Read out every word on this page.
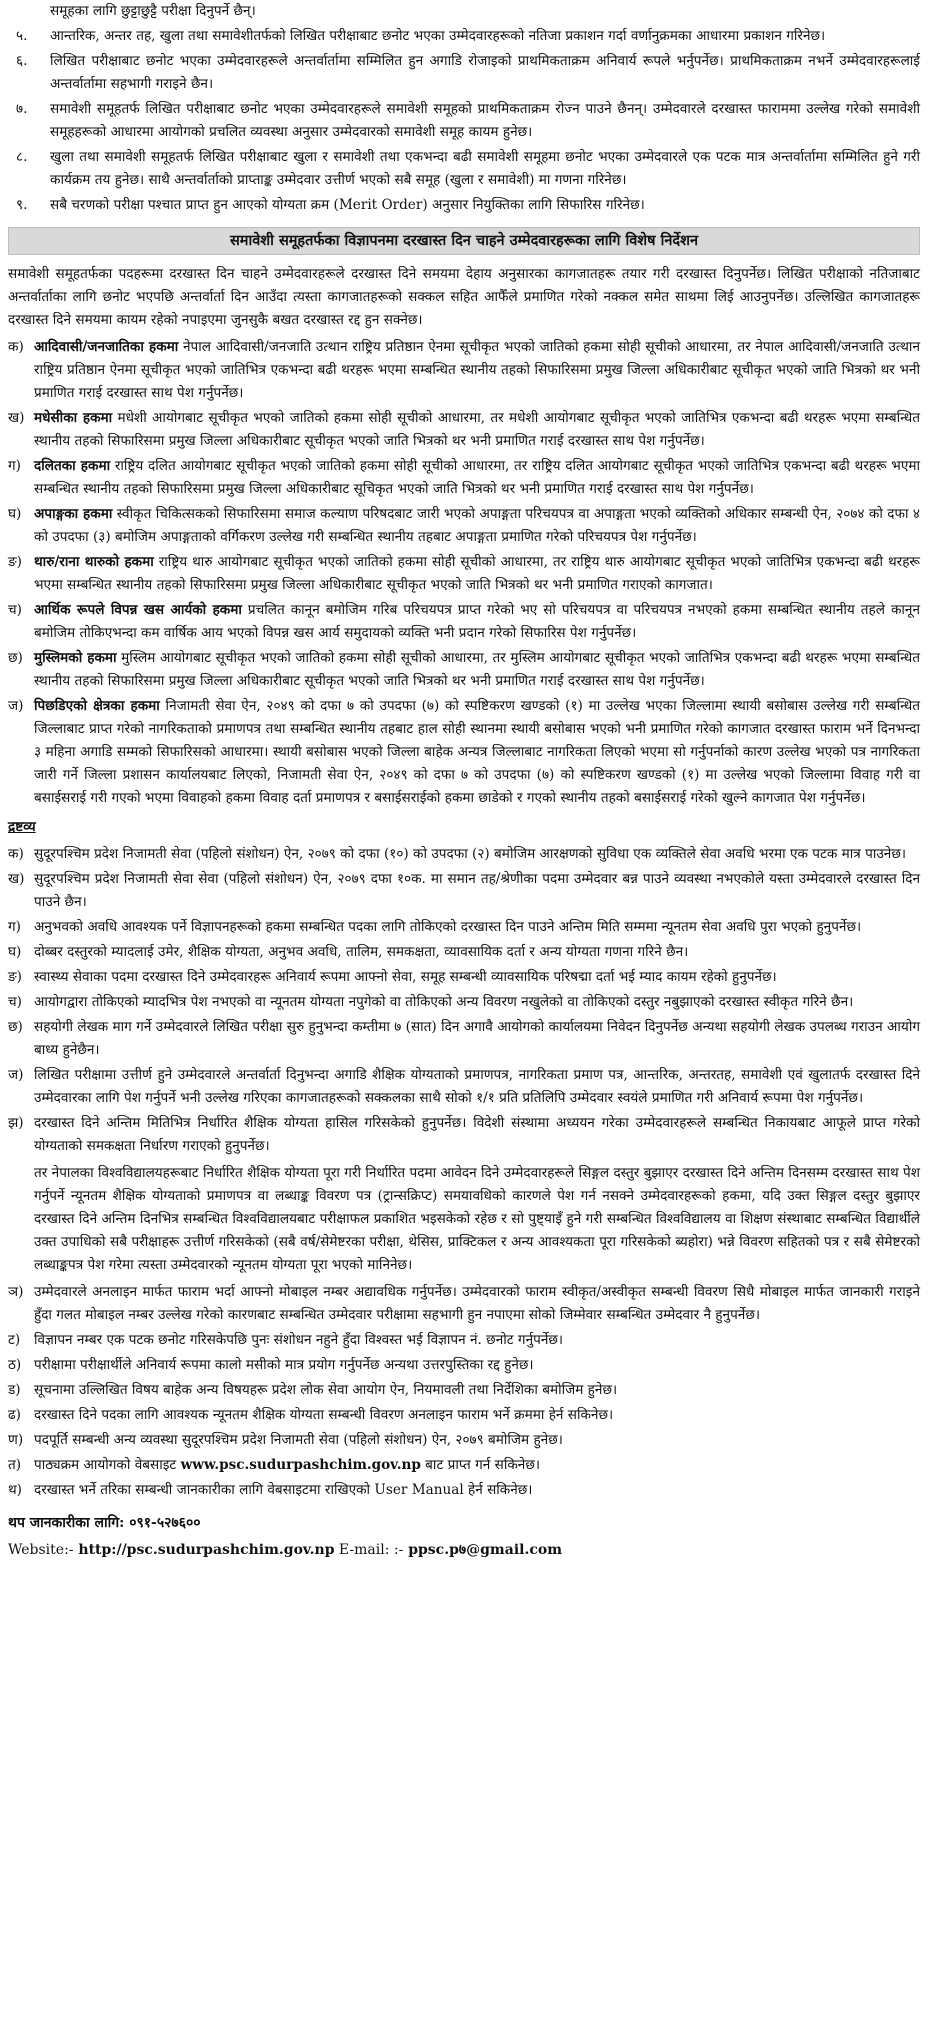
समूहका लागि छुट्टाछुट्टै परीक्षा दिनुपर्ने छैन्।
५.	आन्तरिक, अन्तर तह, खुला तथा समावेशीतर्फको लिखित परीक्षाबाट छनोट भएका उम्मेदवारहरूको नतिजा प्रकाशन गर्दा वर्णानुक्रमका आधारमा प्रकाशन गरिनेछ।
६.	लिखित परीक्षाबाट छनोट भएका उम्मेदवारहरूले अन्तर्वार्तामा सम्मिलित हुन अगाडि रोजाइको प्राथमिकताक्रम अनिवार्य रूपले भर्नुपर्नेछ। प्राथमिकताक्रम नभर्ने उम्मेदवारहरूलाई अन्तर्वार्तामा सहभागी गराइने छैन।
७.	समावेशी समूहतर्फ लिखित परीक्षाबाट छनोट भएका उम्मेदवारहरूले समावेशी समूहको प्राथमिकताक्रम रोज्न पाउने छैनन्। उम्मेदवारले दरखास्त फाराममा उल्लेख गरेको समावेशी समूहहरूको आधारमा आयोगको प्रचलित व्यवस्था अनुसार उम्मेदवारको समावेशी समूह कायम हुनेछ।
८.	खुला तथा समावेशी समूहतर्फ लिखित परीक्षाबाट खुला र समावेशी तथा एकभन्दा बढी समावेशी समूहमा छनोट भएका उम्मेदवारले एक पटक मात्र अन्तर्वार्तामा सम्मिलित हुने गरी कार्यक्रम तय हुनेछ। साथै अन्तर्वार्ताको प्राप्ताङ्क उम्मेदवार उत्तीर्ण भएको सबै समूह (खुला र समावेशी) मा गणना गरिनेछ।
९.	सबै चरणको परीक्षा पश्चात प्राप्त हुन आएको योग्यता क्रम (Merit Order) अनुसार नियुक्तिका लागि सिफारिस गरिनेछ।
समावेशी समूहतर्फका विज्ञापनमा दरखास्त दिन चाहने उम्मेदवारहरूका लागि विशेष निर्देशन
समावेशी समूहतर्फका पदहरूमा दरखास्त दिन चाहने उम्मेदवारहरूले दरखास्त दिने समयमा देहाय अनुसारका कागजातहरू तयार गरी दरखास्त दिनुपर्नेछ। लिखित परीक्षाको नतिजाबाट अन्तर्वार्ताका लागि छनोट भएपछि अन्तर्वार्ता दिन आउँदा त्यस्ता कागजातहरूको सक्कल सहित आफैँले प्रमाणित गरेको नक्कल समेत साथमा लिई आउनुपर्नेछ। उल्लिखित कागजातहरू दरखास्त दिने समयमा कायम रहेको नपाइएमा जुनसुकै बखत दरखास्त रद्द हुन सक्नेछ।
क) आदिवासी/जनजातिका हकमा नेपाल आदिवासी/जनजाति उत्थान राष्ट्रिय प्रतिष्ठान ऐनमा सूचीकृत भएको जातिको हकमा सोही सूचीको आधारमा, तर नेपाल आदिवासी/जनजाति उत्थान राष्ट्रिय प्रतिष्ठान ऐनमा सूचीकृत भएको जातिभित्र एकभन्दा बढी थरहरू भएमा सम्बन्धित स्थानीय तहको सिफारिसमा प्रमुख जिल्ला अधिकारीबाट सूचीकृत भएको जाति भित्रको थर भनी प्रमाणित गराई दरखास्त साथ पेश गर्नुपर्नेछ।
ख) मधेसीका हकमा मधेशी आयोगबाट सूचीकृत भएको जातिको हकमा सोही सूचीको आधारमा, तर मधेशी आयोगबाट सूचीकृत भएको जातिभित्र एकभन्दा बढी थरहरू भएमा सम्बन्धित स्थानीय तहको सिफारिसमा प्रमुख जिल्ला अधिकारीबाट सूचीकृत भएको जाति भित्रको थर भनी प्रमाणित गराई दरखास्त साथ पेश गर्नुपर्नेछ।
ग) दलितका हकमा राष्ट्रिय दलित आयोगबाट सूचीकृत भएको जातिको हकमा सोही सूचीको आधारमा, तर राष्ट्रिय दलित आयोगबाट सूचीकृत भएको जातिभित्र एकभन्दा बढी थरहरू भएमा सम्बन्धित स्थानीय तहको सिफारिसमा प्रमुख जिल्ला अधिकारीबाट सूचिकृत भएको जाति भित्रको थर भनी प्रमाणित गराई दरखास्त साथ पेश गर्नुपर्नेछ।
घ) अपाङ्गका हकमा स्वीकृत चिकित्सकको सिफारिसमा समाज कल्याण परिषदबाट जारी भएको अपाङ्गता परिचयपत्र वा अपाङ्गता भएको व्यक्तिको अधिकार सम्बन्धी ऐन, २०७४ को दफा ४ को उपदफा (३) बमोजिम अपाङ्गताको वर्गिकरण उल्लेख गरी सम्बन्धित स्थानीय तहबाट अपाङ्गता प्रमाणित गरेको परिचयपत्र पेश गर्नुपर्नेछ।
ङ) थारु/राना थारुको हकमा राष्ट्रिय थारु आयोगबाट सूचीकृत भएको जातिको हकमा सोही सूचीको आधारमा, तर राष्ट्रिय थारु आयोगबाट सूचीकृत भएको जातिभित्र एकभन्दा बढी थरहरू भएमा सम्बन्धित स्थानीय तहको सिफारिसमा प्रमुख जिल्ला अधिकारीबाट सूचीकृत भएको जाति भित्रको थर भनी प्रमाणित गराएको कागजात।
च) आर्थिक रूपले विपन्न खस आर्यको हकमा प्रचलित कानून बमोजिम गरिब परिचयपत्र प्राप्त गरेको भए सो परिचयपत्र वा परिचयपत्र नभएको हकमा सम्बन्धित स्थानीय तहले कानून बमोजिम तोकिएभन्दा कम वार्षिक आय भएको विपन्न खस आर्य समुदायको व्यक्ति भनी प्रदान गरेको सिफारिस पेश गर्नुपर्नेछ।
छ) मुस्लिमको हकमा मुस्लिम आयोगबाट सूचीकृत भएको जातिको हकमा सोही सूचीको आधारमा, तर मुस्लिम आयोगबाट सूचीकृत भएको जातिभित्र एकभन्दा बढी थरहरू भएमा सम्बन्धित स्थानीय तहको सिफारिसमा प्रमुख जिल्ला अधिकारीबाट सूचीकृत भएको जाति भित्रको थर भनी प्रमाणित गराई दरखास्त साथ पेश गर्नुपर्नेछ।
ज) पिछडिएको क्षेत्रका हकमा निजामती सेवा ऐन, २०४९ को दफा ७ को उपदफा (७) को स्पष्टिकरण खण्डको (१) मा उल्लेख भएका जिल्लामा स्थायी बसोबास उल्लेख गरी सम्बन्धित जिल्लाबाट प्राप्त गरेको नागरिकताको प्रमाणपत्र तथा सम्बन्धित स्थानीय तहबाट हाल सोही स्थानमा स्थायी बसोबास भएको भनी प्रमाणित गरेको कागजात दरखास्त फाराम भर्ने दिनभन्दा ३ महिना अगाडि सम्मको सिफारिसको आधारमा। स्थायी बसोबास भएको जिल्ला बाहेक अन्यत्र जिल्लाबाट नागरिकता लिएको भएमा सो गर्नुपर्नाको कारण उल्लेख भएको पत्र नागरिकता जारी गर्ने जिल्ला प्रशासन कार्यालयबाट लिएको, निजामती सेवा ऐन, २०४९ को दफा ७ को उपदफा (७) को स्पष्टिकरण खण्डको (१) मा उल्लेख भएको जिल्लामा विवाह गरी वा बसाईसराई गरी गएको भएमा विवाहको हकमा विवाह दर्ता प्रमाणपत्र र बसाईसराईको हकमा छाडेको र गएको स्थानीय तहको बसाईसराई गरेको खुल्ने कागजात पेश गर्नुपर्नेछ।
द्रष्टव्य
क) सुदूरपश्चिम प्रदेश निजामती सेवा (पहिलो संशोधन) ऐन, २०७९ को दफा (१०) को उपदफा (२) बमोजिम आरक्षणको सुविधा एक व्यक्तिले सेवा अवधि भरमा एक पटक मात्र पाउनेछ।
ख) सुदूरपश्चिम प्रदेश निजामती सेवा सेवा (पहिलो संशोधन) ऐन, २०७९ दफा १०क. मा समान तह/श्रेणीका पदमा उम्मेदवार बन्न पाउने व्यवस्था नभएकोले यस्ता उम्मेदवारले दरखास्त दिन पाउने छैन।
ग) अनुभवको अवधि आवश्यक पर्ने विज्ञापनहरूको हकमा सम्बन्धित पदका लागि तोकिएको दरखास्त दिन पाउने अन्तिम मिति सम्ममा न्यूनतम सेवा अवधि पुरा भएको हुनुपर्नेछ।
घ) दोब्बर दस्तुरको म्यादलाई उमेर, शैक्षिक योग्यता, अनुभव अवधि, तालिम, समकक्षता, व्यावसायिक दर्ता र अन्य योग्यता गणना गरिने छैन।
ङ) स्वास्थ्य सेवाका पदमा दरखास्त दिने उम्मेदवारहरू अनिवार्य रूपमा आफ्नो सेवा, समूह सम्बन्धी व्यावसायिक परिषद्मा दर्ता भई म्याद कायम रहेको हुनुपर्नेछ।
च) आयोगद्वारा तोकिएको म्यादभित्र पेश नभएको वा न्यूनतम योग्यता नपुगेको वा तोकिएको अन्य विवरण नखुलेको वा तोकिएको दस्तुर नबुझाएको दरखास्त स्वीकृत गरिने छैन।
छ) सहयोगी लेखक माग गर्ने उम्मेदवारले लिखित परीक्षा सुरु हुनुभन्दा कम्तीमा ७ (सात) दिन अगावै आयोगको कार्यालयमा निवेदन दिनुपर्नेछ अन्यथा सहयोगी लेखक उपलब्ध गराउन आयोग बाध्य हुनेछैन।
ज) लिखित परीक्षामा उत्तीर्ण हुने उम्मेदवारले अन्तर्वार्ता दिनुभन्दा अगाडि शैक्षिक योग्यताको प्रमाणपत्र, नागरिकता प्रमाण पत्र, आन्तरिक, अन्तरतह, समावेशी एवं खुलातर्फ दरखास्त दिने उम्मेदवारका लागि पेश गर्नुपर्ने भनी उल्लेख गरिएका कागजातहरूको सक्कलका साथै सोको १/१ प्रति प्रतिलिपि उम्मेदवार स्वयंले प्रमाणित गरी अनिवार्य रूपमा पेश गर्नुपर्नेछ।
झ) दरखास्त दिने अन्तिम मितिभित्र निर्धारित शैक्षिक योग्यता हासिल गरिसकेको हुनुपर्नेछ। विदेशी संस्थामा अध्ययन गरेका उम्मेदवारहरूले सम्बन्धित निकायबाट आफूले प्राप्त गरेको योग्यताको समकक्षता निर्धारण गराएको हुनुपर्नेछ।
तर नेपालका विश्वविद्यालयहरूबाट निर्धारित शैक्षिक योग्यता पूरा गरी निर्धारित पदमा आवेदन दिने उम्मेदवारहरूले सिङ्गल दस्तुर बुझाएर दरखास्त दिने अन्तिम दिनसम्म दरखास्त साथ पेश गर्नुपर्ने न्यूनतम शैक्षिक योग्यताको प्रमाणपत्र वा लब्धाङ्क विवरण पत्र (ट्रान्सक्रिप्ट) समयावधिको कारणले पेश गर्न नसक्ने उम्मेदवारहरूको हकमा, यदि उक्त सिङ्गल दस्तुर बुझाएर दरखास्त दिने अन्तिम दिनभित्र सम्बन्धित विश्वविद्यालयबाट परीक्षाफल प्रकाशित भइसकेको रहेछ र सो पुष्ट्याइँ हुने गरी सम्बन्धित विश्वविद्यालय वा शिक्षण संस्थाबाट सम्बन्धित विद्यार्थीले उक्त उपाधिको सबै परीक्षाहरू उत्तीर्ण गरिसकेको (सबै वर्ष/सेमेष्टरका परीक्षा, थेसिस, प्राक्टिकल र अन्य आवश्यकता पूरा गरिसकेको ब्यहोरा) भन्ने विवरण सहितको पत्र र सबै सेमेष्टरको लब्धाङ्कपत्र पेश गरेमा त्यस्ता उम्मेदवारको न्यूनतम योग्यता पूरा भएको मानिनेछ।
ञ) उम्मेदवारले अनलाइन मार्फत फाराम भर्दा आफ्नो मोबाइल नम्बर अद्यावधिक गर्नुपर्नेछ। उम्मेदवारको फाराम स्वीकृत/अस्वीकृत सम्बन्धी विवरण सिधै मोबाइल मार्फत जानकारी गराइने हुँदा गलत मोबाइल नम्बर उल्लेख गरेको कारणबाट सम्बन्धित उम्मेदवार परीक्षामा सहभागी हुन नपाएमा सोको जिम्मेवार सम्बन्धित उम्मेदवार नै हुनुपर्नेछ।
ट)	विज्ञापन नम्बर एक पटक छनोट गरिसकेपछि पुनः संशोधन नहुने हुँदा विश्वस्त भई विज्ञापन नं. छनोट गर्नुपर्नेछ।
ठ) परीक्षामा परीक्षार्थीले अनिवार्य रूपमा कालो मसीको मात्र प्रयोग गर्नुपर्नेछ अन्यथा उत्तरपुस्तिका रद्द हुनेछ।
ड) सूचनामा उल्लिखित विषय बाहेक अन्य विषयहरू प्रदेश लोक सेवा आयोग ऐन, नियमावली तथा निर्देशिका बमोजिम हुनेछ।
ढ) दरखास्त दिने पदका लागि आवश्यक न्यूनतम शैक्षिक योग्यता सम्बन्धी विवरण अनलाइन फाराम भर्ने क्रममा हेर्न सकिनेछ।
ण) पदपूर्ति सम्बन्धी अन्य व्यवस्था सुदूरपश्चिम प्रदेश निजामती सेवा (पहिलो संशोधन) ऐन, २०७९ बमोजिम हुनेछ।
त) पाठ्यक्रम आयोगको वेबसाइट www.psc.sudurpashchim.gov.np बाट प्राप्त गर्न सकिनेछ।
थ) दरखास्त भर्ने तरिका सम्बन्धी जानकारीका लागि वेबसाइटमा राखिएको User Manual हेर्न सकिनेछ।
थप जानकारीका लागि: ०९१-५२७६००
Website:- http://psc.sudurpashchim.gov.np E-mail: :- ppsc.p७@gmail.com
